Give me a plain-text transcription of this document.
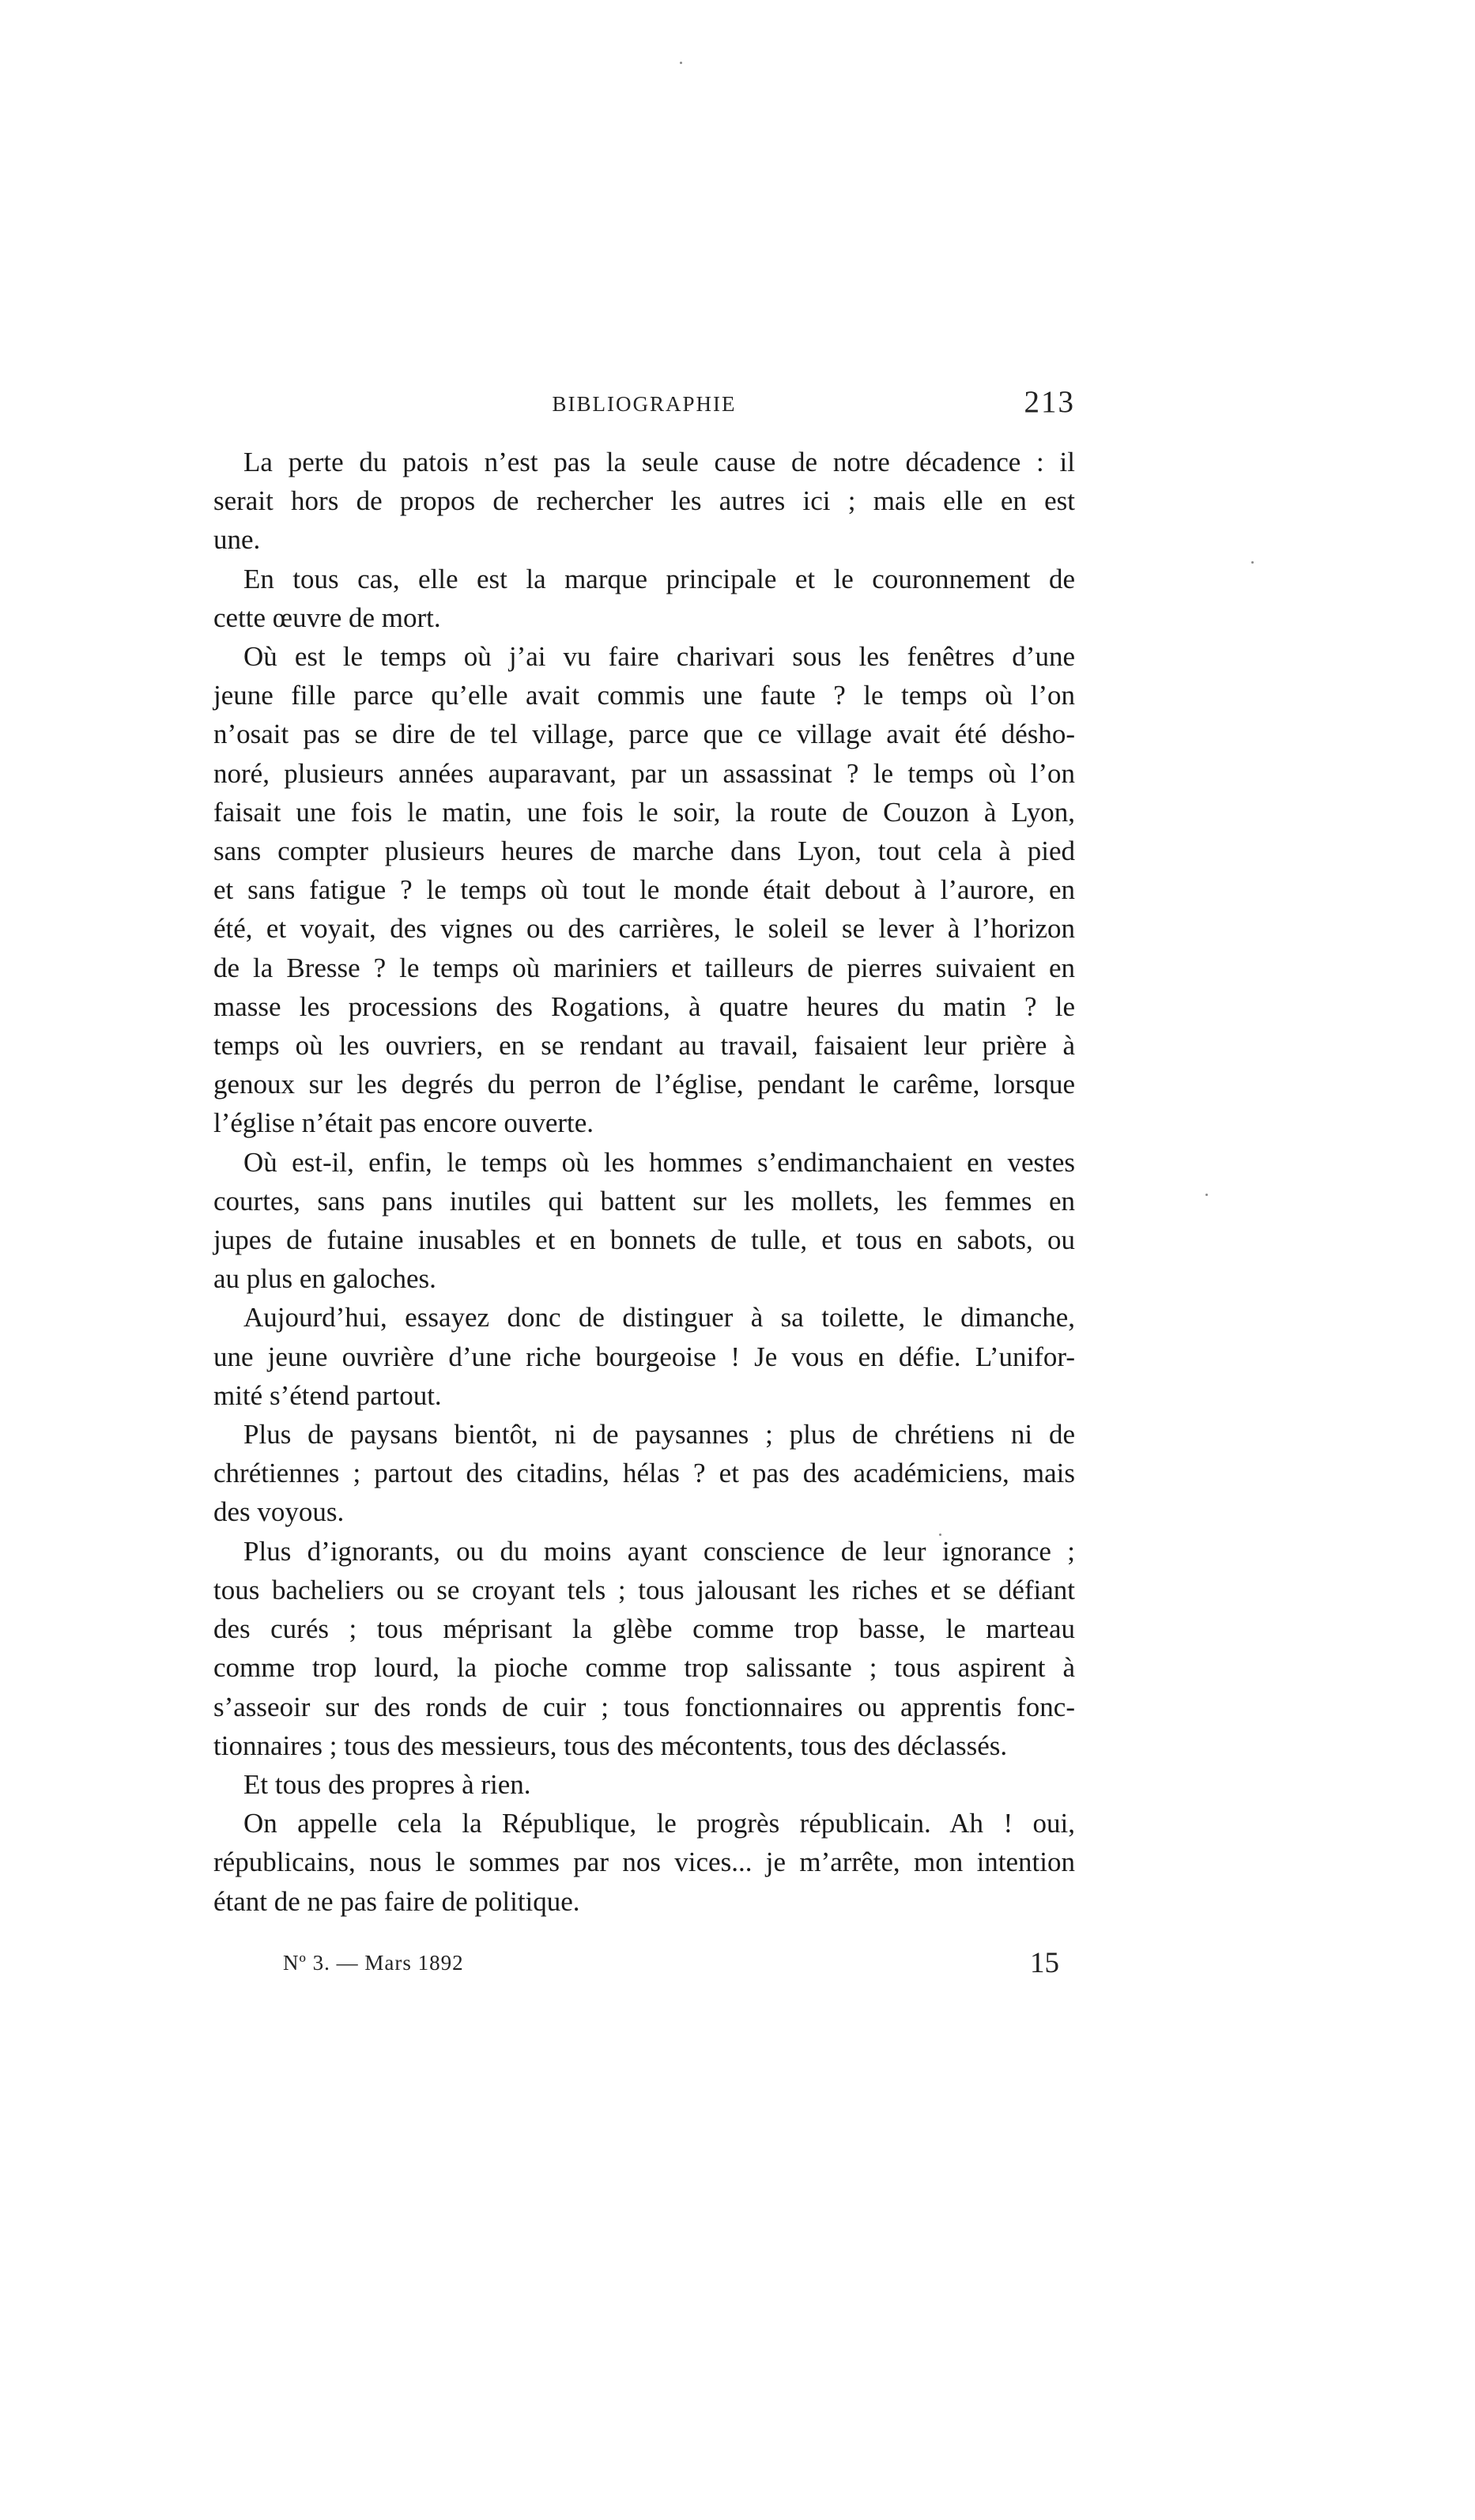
BIBLIOGRAPHIE	213

La perte du patois n’est pas la seule cause de notre décadence : il
serait hors de propos de rechercher les autres ici ; mais elle en est
une.

En tous cas, elle est la marque principale et le couronnement de
cette œuvre de mort.

Où est le temps où j’ai vu faire charivari sous les fenêtres d’une
jeune fille parce qu’elle avait commis une faute ? le temps où l’on
n’osait pas se dire de tel village, parce que ce village avait été désho-
noré, plusieurs années auparavant, par un assassinat ? le temps où l’on
faisait une fois le matin, une fois le soir, la route de Couzon à Lyon,
sans compter plusieurs heures de marche dans Lyon, tout cela à pied
et sans fatigue ? le temps où tout le monde était debout à l’aurore, en
été, et voyait, des vignes ou des carrières, le soleil se lever à l’horizon
de la Bresse ? le temps où mariniers et tailleurs de pierres suivaient en
masse les processions des Rogations, à quatre heures du matin ? le
temps où les ouvriers, en se rendant au travail, faisaient leur prière à
genoux sur les degrés du perron de l’église, pendant le carême, lorsque
l’église n’était pas encore ouverte.

Où est-il, enfin, le temps où les hommes s’endimanchaient en vestes
courtes, sans pans inutiles qui battent sur les mollets, les femmes en
jupes de futaine inusables et en bonnets de tulle, et tous en sabots, ou
au plus en galoches.

Aujourd’hui, essayez donc de distinguer à sa toilette, le dimanche,
une jeune ouvrière d’une riche bourgeoise ! Je vous en défie. L’unifor-
mité s’étend partout.

Plus de paysans bientôt, ni de paysannes ; plus de chrétiens ni de
chrétiennes ; partout des citadins, hélas ? et pas des académiciens, mais
des voyous.

Plus d’ignorants, ou du moins ayant conscience de leur ignorance ;
tous bacheliers ou se croyant tels ; tous jalousant les riches et se défiant
des curés ; tous méprisant la glèbe comme trop basse, le marteau
comme trop lourd, la pioche comme trop salissante ; tous aspirent à
s’asseoir sur des ronds de cuir ; tous fonctionnaires ou apprentis fonc-
tionnaires ; tous des messieurs, tous des mécontents, tous des déclassés.

Et tous des propres à rien.

On appelle cela la République, le progrès républicain. Ah ! oui,
républicains, nous le sommes par nos vices... je m’arrête, mon intention
étant de ne pas faire de politique.

Nº 3. — Mars 1892	15
